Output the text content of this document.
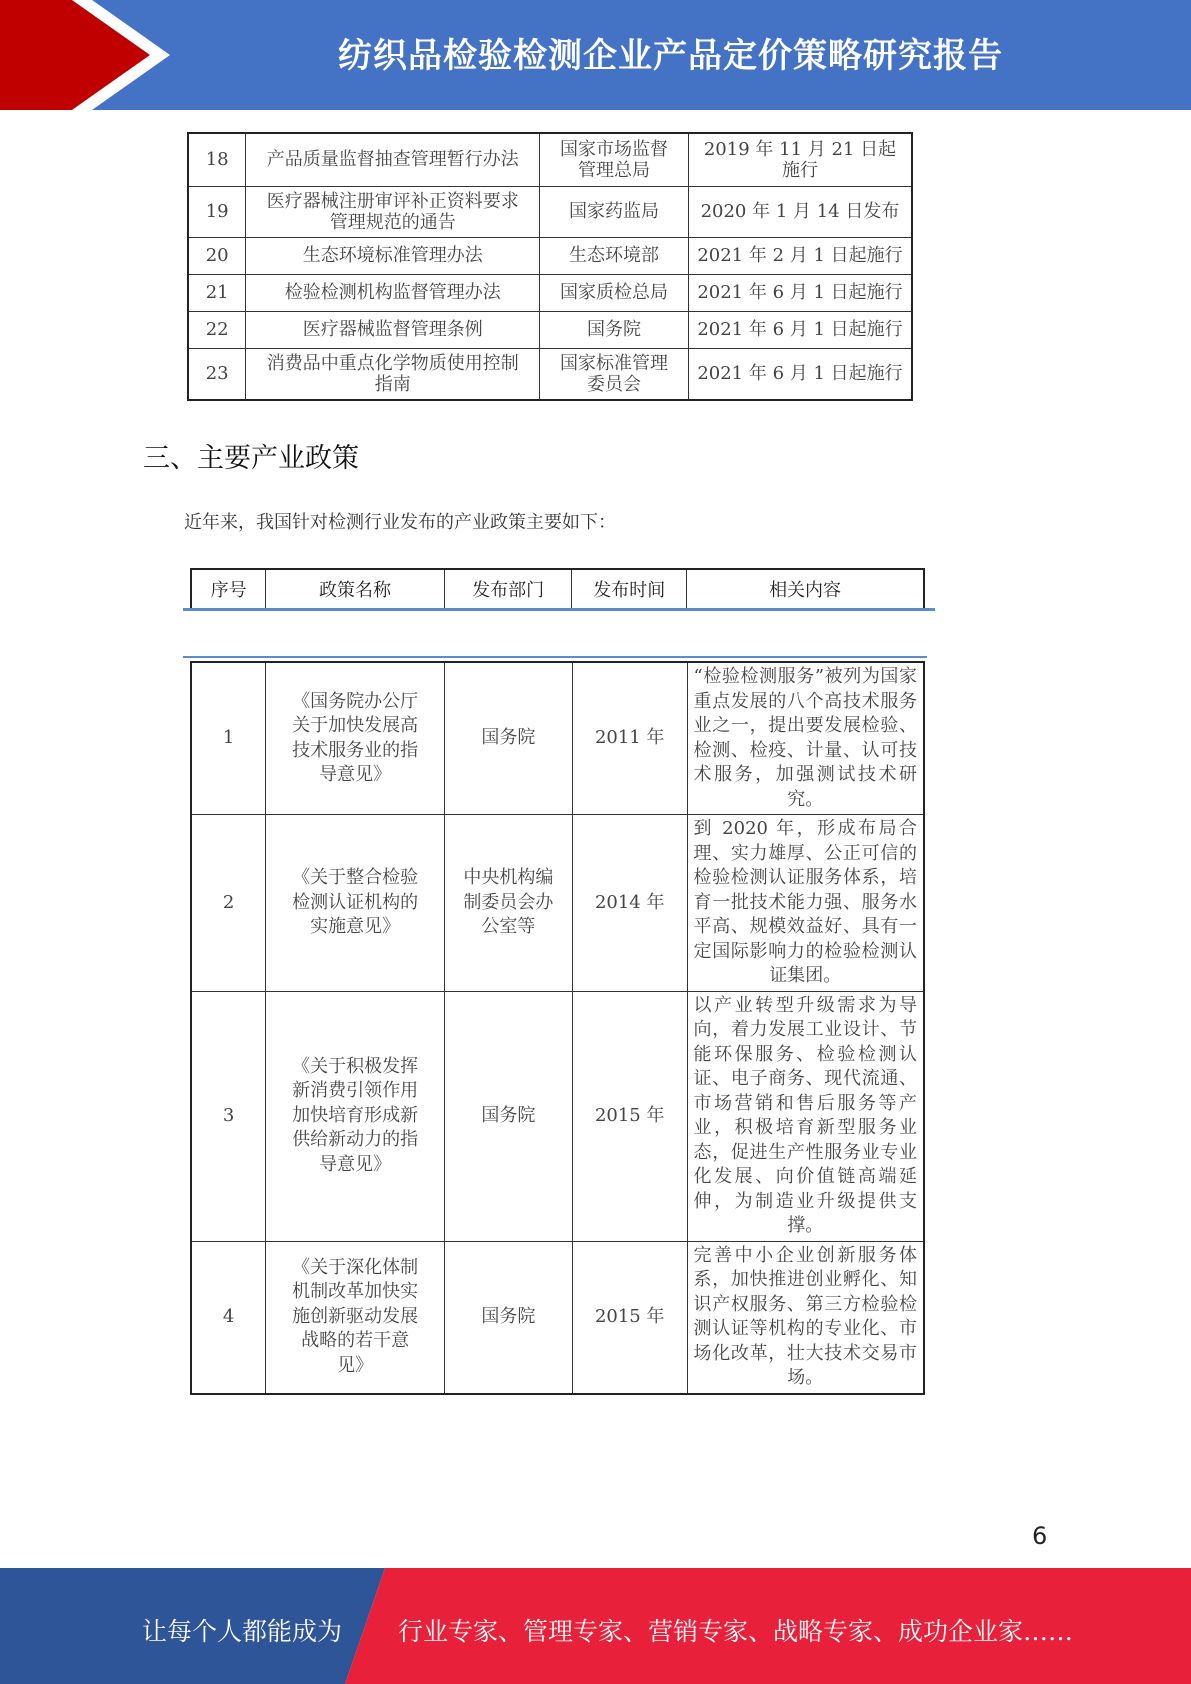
纺织品检验检测企业产品定价策略研究报告
18	产品质量监督抽查管理暂行办法	国家市场监督管理总局	2019 年 11 月 21 日起施行
19	医疗器械注册审评补正资料要求管理规范的通告	国家药监局	2020 年 1 月 14 日发布
20	生态环境标准管理办法	生态环境部	2021 年 2 月 1 日起施行
21	检验检测机构监督管理办法	国家质检总局	2021 年 6 月 1 日起施行
22	医疗器械监督管理条例	国务院	2021 年 6 月 1 日起施行
23	消费品中重点化学物质使用控制指南	国家标准管理委员会	2021 年 6 月 1 日起施行
三、主要产业政策
近年来，我国针对检测行业发布的产业政策主要如下：
序号	政策名称	发布部门	发布时间	相关内容
1	《国务院办公厅关于加快发展高技术服务业的指导意见》	国务院	2011 年	“检验检测服务”被列为国家重点发展的八个高技术服务业之一，提出要发展检验、检测、检疫、计量、认可技术服务，加强测试技术研究。
2	《关于整合检验检测认证机构的实施意见》	中央机构编制委员会办公室等	2014 年	到 2020 年，形成布局合理、实力雄厚、公正可信的检验检测认证服务体系，培育一批技术能力强、服务水平高、规模效益好、具有一定国际影响力的检验检测认证集团。
3	《关于积极发挥新消费引领作用加快培育形成新供给新动力的指导意见》	国务院	2015 年	以产业转型升级需求为导向，着力发展工业设计、节能环保服务、检验检测认证、电子商务、现代流通、市场营销和售后服务等产业，积极培育新型服务业态，促进生产性服务业专业化发展、向价值链高端延伸，为制造业升级提供支撑。
4	《关于深化体制机制改革加快实施创新驱动发展战略的若干意见》	国务院	2015 年	完善中小企业创新服务体系，加快推进创业孵化、知识产权服务、第三方检验检测认证等机构的专业化、市场化改革，壮大技术交易市场。
6
让每个人都能成为 行业专家、管理专家、营销专家、战略专家、成功企业家……
